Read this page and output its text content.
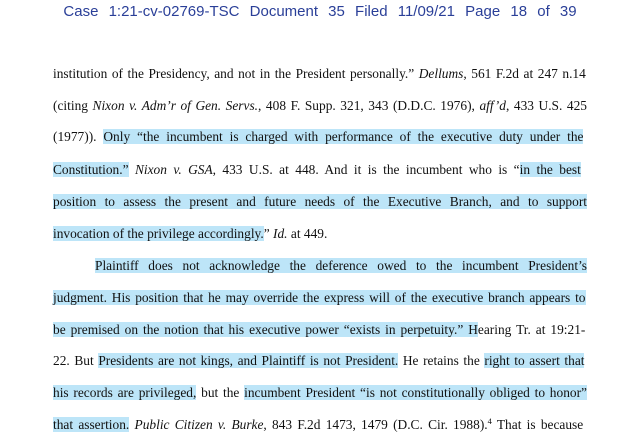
Case 1:21-cv-02769-TSC Document 35 Filed 11/09/21 Page 18 of 39
institution of the Presidency, and not in the President personally.” Dellums, 561 F.2d at 247 n.14
(citing Nixon v. Adm’r of Gen. Servs., 408 F. Supp. 321, 343 (D.D.C. 1976), aff’d, 433 U.S. 425
(1977)). Only “the incumbent is charged with performance of the executive duty under the
Constitution.” Nixon v. GSA, 433 U.S. at 448. And it is the incumbent who is “in the best
position to assess the present and future needs of the Executive Branch, and to support
invocation of the privilege accordingly.” Id. at 449.
Plaintiff does not acknowledge the deference owed to the incumbent President’s
judgment. His position that he may override the express will of the executive branch appears to
be premised on the notion that his executive power “exists in perpetuity.” Hearing Tr. at 19:21-
22. But Presidents are not kings, and Plaintiff is not President. He retains the right to assert that
his records are privileged, but the incumbent President “is not constitutionally obliged to honor”
that assertion. Public Citizen v. Burke, 843 F.2d 1473, 1479 (D.C. Cir. 1988).$^4$ That is because
